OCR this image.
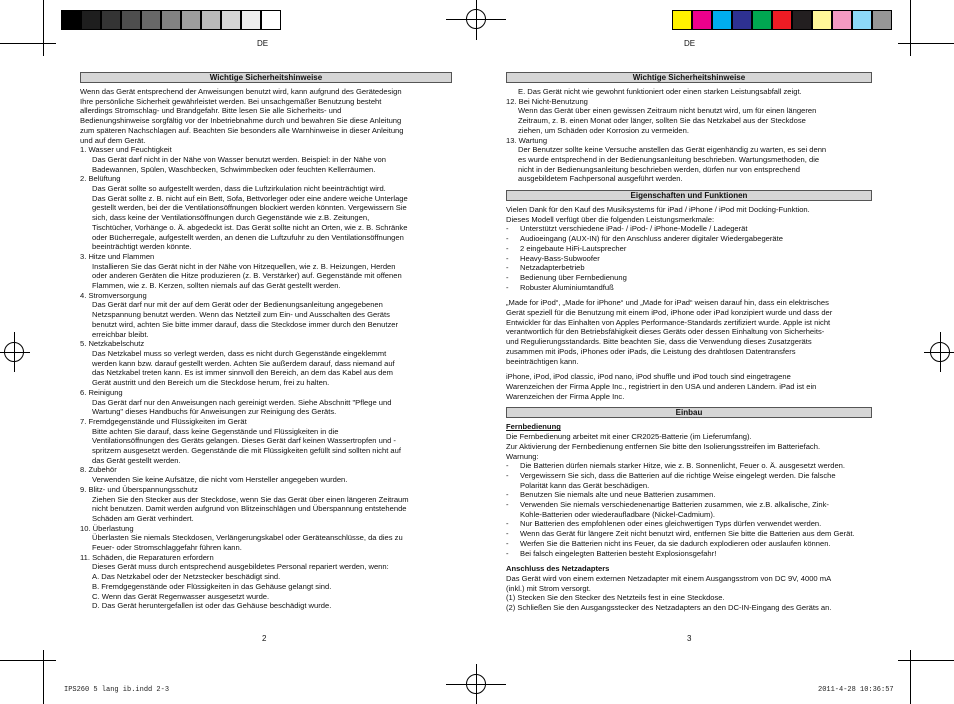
DE	DE
Wichtige Sicherheitshinweise
Wenn das Gerät entsprechend der Anweisungen benutzt wird, kann aufgrund des Gerätedesign
Ihre persönliche Sicherheit gewährleistet werden. Bei unsachgemäßer Benutzung besteht
allerdings Stromschlag- und Brandgefahr. Bitte lesen Sie alle Sicherheits- und
Bedienungshinweise sorgfältig vor der Inbetriebnahme durch und bewahren Sie diese Anleitung
zum späteren Nachschlagen auf. Beachten Sie besonders alle Warnhinweise in dieser Anleitung
und auf dem Gerät.
1. Wasser und Feuchtigkeit
Das Gerät darf nicht in der Nähe von Wasser benutzt werden. Beispiel: in der Nähe von
Badewannen, Spülen, Waschbecken, Schwimmbecken oder feuchten Kellerräumen.
2. Belüftung
Das Gerät sollte so aufgestellt werden, dass die Luftzirkulation nicht beeinträchtigt wird.
Das Gerät sollte z. B. nicht auf ein Bett, Sofa, Bettvorleger oder eine andere weiche Unterlage
gestellt werden, bei der die Ventilationsöffnungen blockiert werden könnten. Vergewissern Sie
sich, dass keine der Ventilationsöffnungen durch Gegenstände wie z.B. Zeitungen,
Tischtücher, Vorhänge o. Ä. abgedeckt ist. Das Gerät sollte nicht an Orten, wie z. B. Schränke
oder Bücherregale, aufgestellt werden, an denen die Luftzufuhr zu den Ventilationsöffnungen
beeinträchtigt werden könnte.
3. Hitze und Flammen
Installieren Sie das Gerät nicht in der Nähe von Hitzequellen, wie z. B. Heizungen, Herden
oder anderen Geräten die Hitze produzieren (z. B. Verstärker) auf. Gegenstände mit offenen
Flammen, wie z. B. Kerzen, sollten niemals auf das Gerät gestellt werden.
4. Stromversorgung
Das Gerät darf nur mit der auf dem Gerät oder der Bedienungsanleitung angegebenen
Netzspannung benutzt werden. Wenn das Netzteil zum Ein- und Ausschalten des Geräts
benutzt wird, achten Sie bitte immer darauf, dass die Steckdose immer durch den Benutzer
erreichbar bleibt.
5. Netzkabelschutz
Das Netzkabel muss so verlegt werden, dass es nicht durch Gegenstände eingeklemmt
werden kann bzw. darauf gestellt werden. Achten Sie außerdem darauf, dass niemand auf
das Netzkabel treten kann. Es ist immer sinnvoll den Bereich, an dem das Kabel aus dem
Gerät austritt und den Bereich um die Steckdose herum, frei zu halten.
6. Reinigung
Das Gerät darf nur den Anweisungen nach gereinigt werden. Siehe Abschnitt "Pflege und
Wartung" dieses Handbuchs für Anweisungen zur Reinigung des Geräts.
7. Fremdgegenstände und Flüssigkeiten im Gerät
Bitte achten Sie darauf, dass keine Gegenstände und Flüssigkeiten in die
Ventilationsöffnungen des Geräts gelangen. Dieses Gerät darf keinen Wassertropfen und -
spritzern ausgesetzt werden. Gegenstände die mit Flüssigkeiten gefüllt sind sollten nicht auf
das Gerät gestellt werden.
8. Zubehör
Verwenden Sie keine Aufsätze, die nicht vom Hersteller angegeben wurden.
9. Blitz- und Überspannungsschutz
Ziehen Sie den Stecker aus der Steckdose, wenn Sie das Gerät über einen längeren Zeitraum
nicht benutzen. Damit werden aufgrund von Blitzeinschlägen und Überspannung entstehende
Schäden am Gerät verhindert.
10. Überlastung
Überlasten Sie niemals Steckdosen, Verlängerungskabel oder Geräteanschlüsse, da dies zu
Feuer- oder Stromschlaggefahr führen kann.
11. Schäden, die Reparaturen erfordern
Dieses Gerät muss durch entsprechend ausgebildetes Personal repariert werden, wenn:
A. Das Netzkabel oder der Netzstecker beschädigt sind.
B. Fremdgegenstände oder Flüssigkeiten in das Gehäuse gelangt sind.
C. Wenn das Gerät Regenwasser ausgesetzt wurde.
D. Das Gerät heruntergefallen ist oder das Gehäuse beschädigt wurde.
2
Wichtige Sicherheitshinweise
E. Das Gerät nicht wie gewohnt funktioniert oder einen starken Leistungsabfall zeigt.
12. Bei Nicht-Benutzung
Wenn das Gerät über einen gewissen Zeitraum nicht benutzt wird, um für einen längeren
Zeitraum, z. B. einen Monat oder länger, sollten Sie das Netzkabel aus der Steckdose
ziehen, um Schäden oder Korrosion zu vermeiden.
13. Wartung
Der Benutzer sollte keine Versuche anstellen das Gerät eigenhändig zu warten, es sei denn
es wurde entsprechend in der Bedienungsanleitung beschrieben. Wartungsmethoden, die
nicht in der Bedienungsanleitung beschrieben werden, dürfen nur von entsprechend
ausgebildetem Fachpersonal ausgeführt werden.
Eigenschaften und Funktionen
Vielen Dank für den Kauf des Musiksystems für iPad / iPhone / iPod mit Docking-Funktion.
Dieses Modell verfügt über die folgenden Leistungsmerkmale:
-	Unterstützt verschiedene iPad- / iPod- / iPhone-Modelle / Ladegerät
-	Audioeingang (AUX-IN) für den Anschluss anderer digitaler Wiedergabegeräte
-	2 eingebaute HiFi-Lautsprecher
-	Heavy-Bass-Subwoofer
-	Netzadapterbetrieb
-	Bedienung über Fernbedienung
-	Robuster Aluminiumtandfuß
„Made for iPod“, „Made for iPhone“ und „Made for iPad“ weisen darauf hin, dass ein elektrisches
Gerät speziell für die Benutzung mit einem iPod, iPhone oder iPad konzipiert wurde und dass der
Entwickler für das Einhalten von Apples Performance-Standards zertifiziert wurde. Apple ist nicht
verantwortlich für den Betriebsfähigkeit dieses Geräts oder dessen Einhaltung von Sicherheits-
und Regulierungsstandards. Bitte beachten Sie, dass die Verwendung dieses Zusatzgeräts
zusammen mit iPods, iPhones oder iPads, die Leistung des drahtlosen Datentransfers
beeinträchtigen kann.
iPhone, iPod, iPod classic, iPod nano, iPod shuffle und iPod touch sind eingetragene
Warenzeichen der Firma Apple Inc., registriert in den USA und anderen Ländern. iPad ist ein
Warenzeichen der Firma Apple Inc.
Einbau
Fernbedienung
Die Fernbedienung arbeitet mit einer CR2025-Batterie (im Lieferumfang).
Zur Aktivierung der Fernbedienung entfernen Sie bitte den Isolierungsstreifen im Batteriefach.
Warnung:
-	Die Batterien dürfen niemals starker Hitze, wie z. B. Sonnenlicht, Feuer o. Ä. ausgesetzt werden.
-	Vergewissern Sie sich, dass die Batterien auf die richtige Weise eingelegt werden. Die falsche
Polarität kann das Gerät beschädigen.
-	Benutzen Sie niemals alte und neue Batterien zusammen.
-	Verwenden Sie niemals verschiedenenartige Batterien zusammen, wie z.B. alkalische, Zink-
Kohle-Batterien oder wiederaufladbare (Nickel-Cadmium).
-	Nur Batterien des empfohlenen oder eines gleichwertigen Typs dürfen verwendet werden.
-	Wenn das Gerät für längere Zeit nicht benutzt wird, entfernen Sie bitte die Batterien aus dem Gerät.
-	Werfen Sie die Batterien nicht ins Feuer, da sie dadurch explodieren oder auslaufen können.
-	Bei falsch eingelegten Batterien besteht Explosionsgefahr!
Anschluss des Netzadapters
Das Gerät wird von einem externen Netzadapter mit einem Ausgangsstrom von DC 9V, 4000 mA
(inkl.) mit Strom versorgt.
(1) Stecken Sie den Stecker des Netzteils fest in eine Steckdose.
(2) Schließen Sie den Ausgangsstecker des Netzadapters an den DC-IN-Eingang des Geräts an.
3
IPS260 5 lang ib.indd 2-3	2011-4-28 10:36:57
